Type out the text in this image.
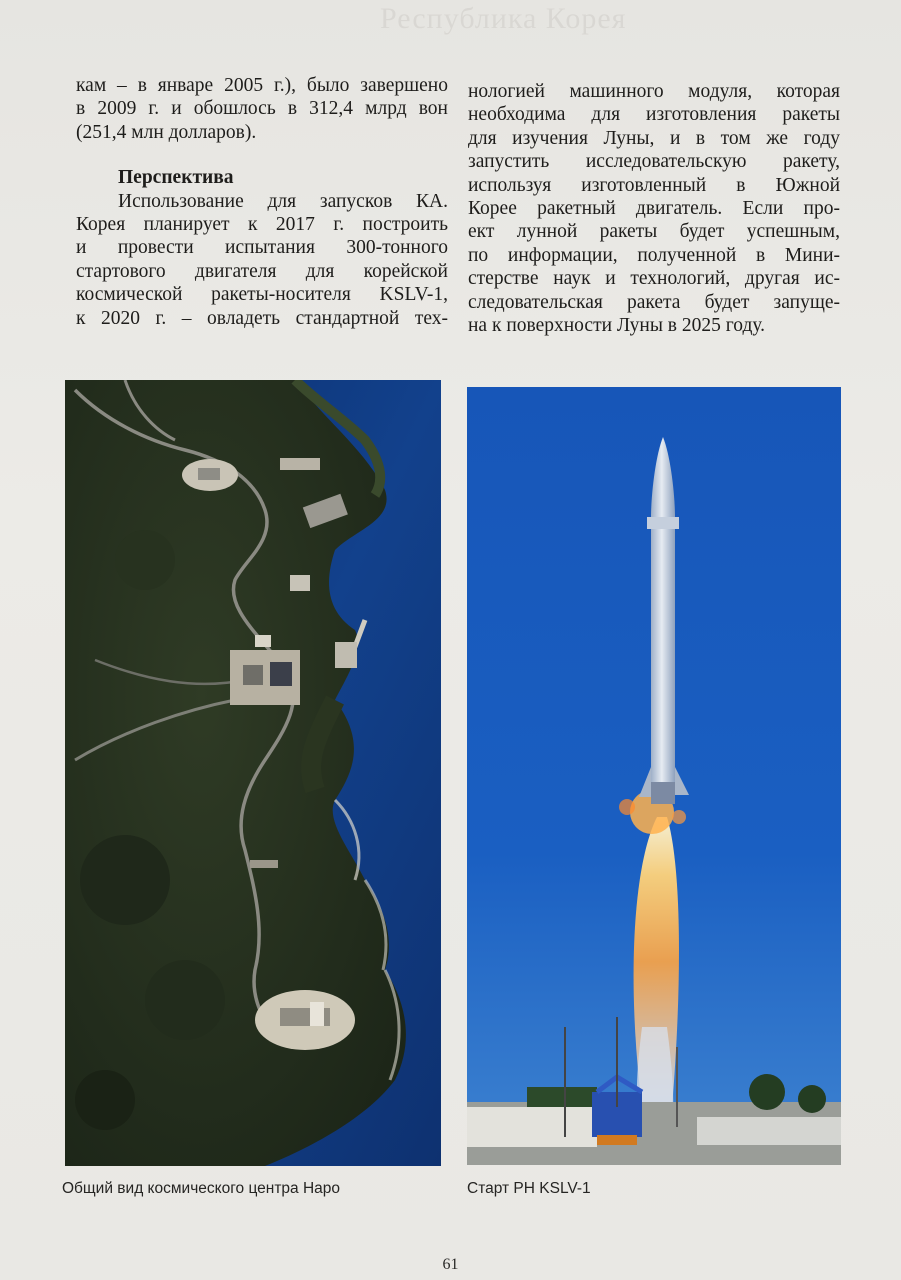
Республика Корея

кам – в январе 2005 г.), было завершено

в 2009 г. и обошлось в 312,4 млрд вон

(251,4 млн долларов).

Перспектива

Использование для запусков КА.

Корея планирует к 2017 г. построить

и провести испытания 300-тонного

стартового двигателя для корейской

космической ракеты-носителя KSLV-1,

к 2020 г. – овладеть стандартной тех-

нологией машинного модуля, которая

необходима для изготовления ракеты

для изучения Луны, и в том же году

запустить исследовательскую ракету,

используя изготовленный в Южной

Корее ракетный двигатель. Если про-

ект лунной ракеты будет успешным,

по информации, полученной в Мини-

стерстве наук и технологий, другая ис-

следовательская ракета будет запуще-

на к поверхности Луны в 2025 году.

Общий вид космического центра Наро	Старт РН KSLV-1
61
